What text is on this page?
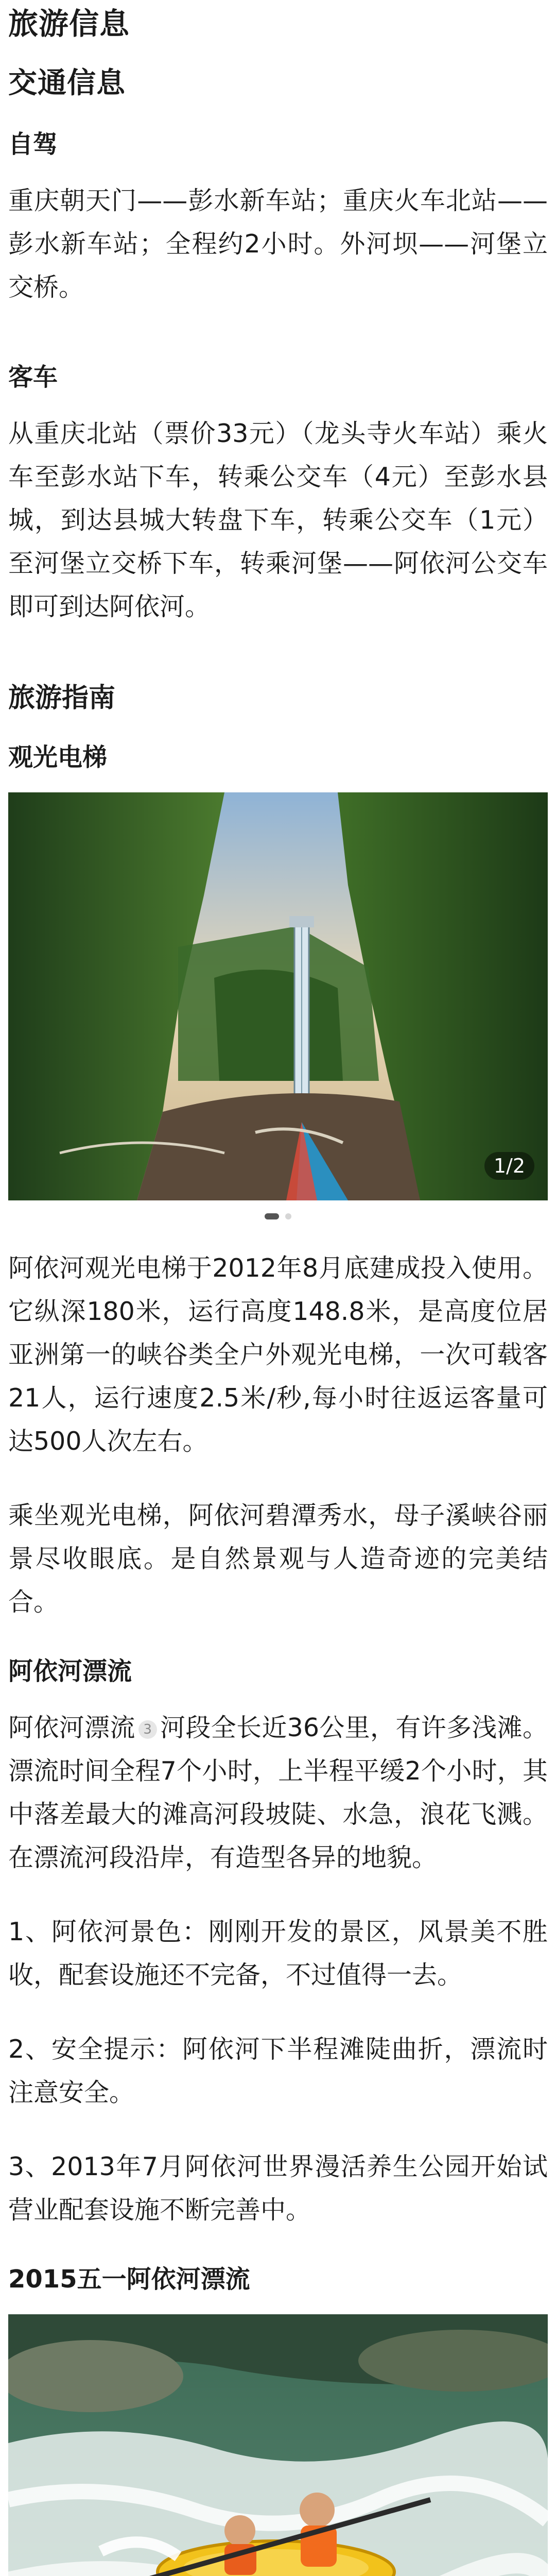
旅游信息
交通信息
自驾
重庆朝天门——彭水新车站；重庆火车北站——彭水新车站；全程约2小时。外河坝——河堡立交桥。
客车
从重庆北站（票价33元）（龙头寺火车站）乘火车至彭水站下车，转乘公交车（4元）至彭水县城，到达县城大转盘下车，转乘公交车（1元）至河堡立交桥下车，转乘河堡——阿依河公交车即可到达阿依河。
旅游指南
观光电梯
1/2
阿依河观光电梯于2012年8月底建成投入使用。它纵深180米，运行高度148.8米，是高度位居亚洲第一的峡谷类全户外观光电梯，一次可载客21人，运行速度2.5米/秒,每小时往返运客量可达500人次左右。
乘坐观光电梯，阿依河碧潭秀水，母子溪峡谷丽景尽收眼底。是自然景观与人造奇迹的完美结合。
阿依河漂流
阿依河漂流 3 河段全长近36公里，有许多浅滩。漂流时间全程7个小时，上半程平缓2个小时，其中落差最大的滩高河段坡陡、水急，浪花飞溅。在漂流河段沿岸，有造型各异的地貌。
1、阿依河景色：刚刚开发的景区，风景美不胜收，配套设施还不完备，不过值得一去。
2、安全提示：阿依河下半程滩陡曲折，漂流时注意安全。
3、2013年7月阿依河世界漫活养生公园开始试营业配套设施不断完善中。
2015五一阿依河漂流
